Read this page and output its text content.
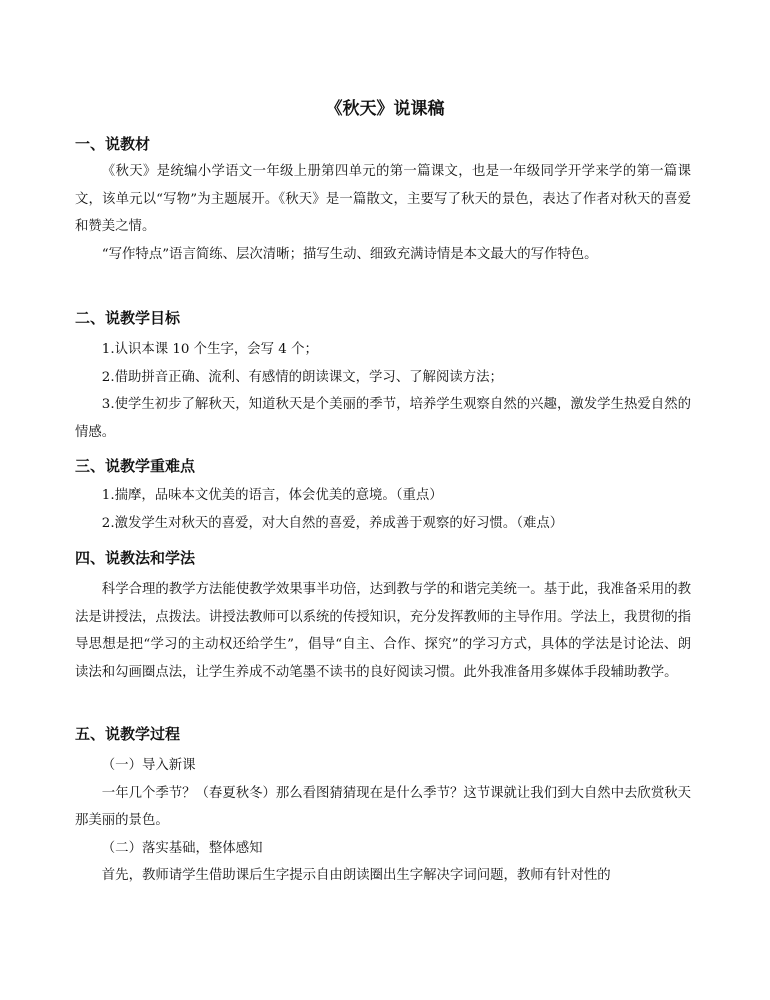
《秋天》说课稿
一、说教材

《秋天》是统编小学语文一年级上册第四单元的第一篇课文，也是一年级同学开学来学的第一篇课文，该单元以“写物”为主题展开。《秋天》是一篇散文，主要写了秋天的景色，表达了作者对秋天的喜爱和赞美之情。

“写作特点”语言简练、层次清晰；描写生动、细致充满诗情是本文最大的写作特色。

二、说教学目标

1.认识本课 10 个生字，会写 4 个；

2.借助拼音正确、流利、有感情的朗读课文，学习、了解阅读方法；

3.使学生初步了解秋天，知道秋天是个美丽的季节，培养学生观察自然的兴趣，激发学生热爱自然的情感。

三、说教学重难点

1.揣摩，品味本文优美的语言，体会优美的意境。（重点）

2.激发学生对秋天的喜爱，对大自然的喜爱，养成善于观察的好习惯。（难点）

四、说教法和学法

科学合理的教学方法能使教学效果事半功倍，达到教与学的和谐完美统一。基于此，我准备采用的教法是讲授法，点拨法。讲授法教师可以系统的传授知识，充分发挥教师的主导作用。学法上，我贯彻的指导思想是把“学习的主动权还给学生”，倡导“自主、合作、探究”的学习方式，具体的学法是讨论法、朗读法和勾画圈点法，让学生养成不动笔墨不读书的良好阅读习惯。此外我准备用多媒体手段辅助教学。

五、说教学过程

（一）导入新课

一年几个季节？（春夏秋冬）那么看图猜猜现在是什么季节？这节课就让我们到大自然中去欣赏秋天那美丽的景色。

（二）落实基础，整体感知

首先，教师请学生借助课后生字提示自由朗读圈出生字解决字词问题，教师有针对性的
